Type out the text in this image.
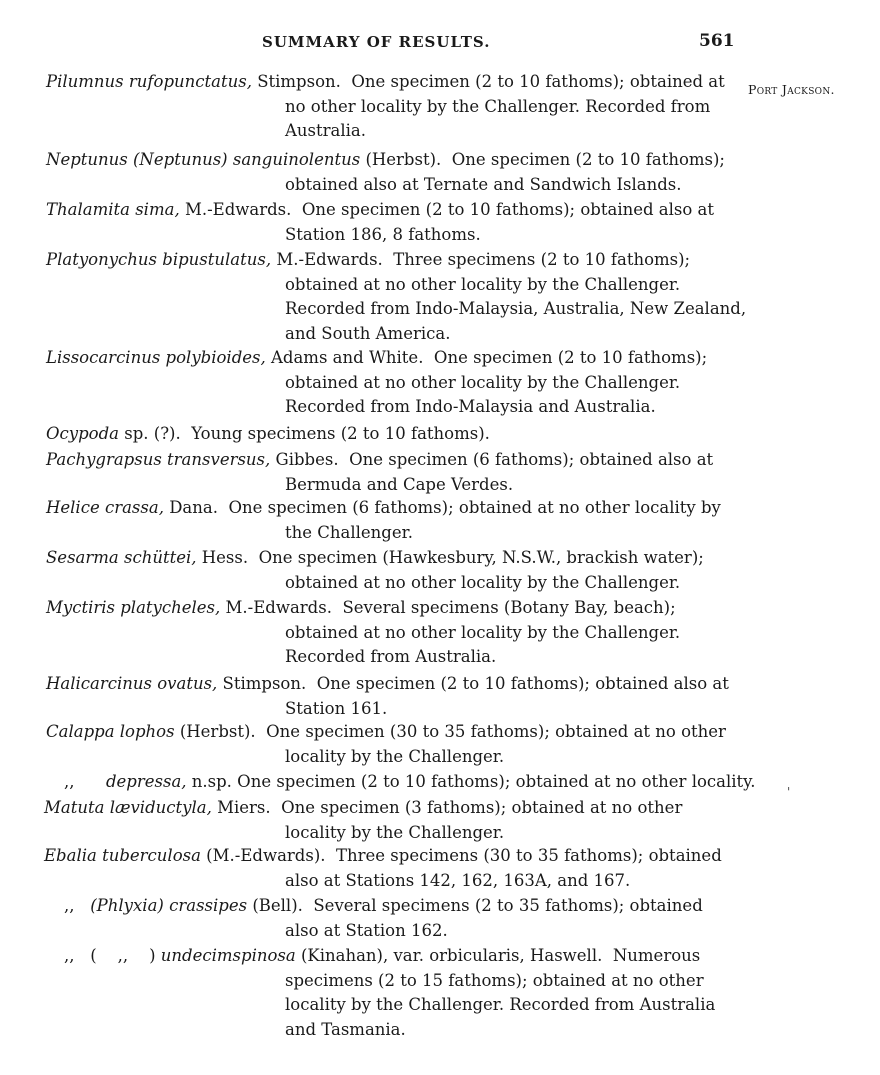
SUMMARY OF RESULTS.	561
Port Jackson.
'
Pilumnus rufopunctatus, Stimpson.  One specimen (2 to 10 fathoms); obtained at
no other locality by the Challenger. Recorded from
Australia.
Neptunus (Neptunus) sanguinolentus (Herbst).  One specimen (2 to 10 fathoms);
obtained also at Ternate and Sandwich Islands.
Thalamita sima, M.-Edwards.  One specimen (2 to 10 fathoms); obtained also at
Station 186, 8 fathoms.
Platyonychus bipustulatus, M.-Edwards.  Three specimens (2 to 10 fathoms);
obtained at no other locality by the Challenger.
Recorded from Indo-Malaysia, Australia, New Zealand,
and South America.
Lissocarcinus polybioides, Adams and White.  One specimen (2 to 10 fathoms);
obtained at no other locality by the Challenger.
Recorded from Indo-Malaysia and Australia.
Ocypoda sp. (?).  Young specimens (2 to 10 fathoms).
Pachygrapsus transversus, Gibbes.  One specimen (6 fathoms); obtained also at
Bermuda and Cape Verdes.
Helice crassa, Dana.  One specimen (6 fathoms); obtained at no other locality by
the Challenger.
Sesarma schüttei, Hess.  One specimen (Hawkesbury, N.S.W., brackish water);
obtained at no other locality by the Challenger.
Myctiris platycheles, M.-Edwards.  Several specimens (Botany Bay, beach);
obtained at no other locality by the Challenger.
Recorded from Australia.
Halicarcinus ovatus, Stimpson.  One specimen (2 to 10 fathoms); obtained also at
Station 161.
Calappa lophos (Herbst).  One specimen (30 to 35 fathoms); obtained at no other
locality by the Challenger.
,,      depressa, n.sp. One specimen (2 to 10 fathoms); obtained at no other locality.
Matuta læviductyla, Miers.  One specimen (3 fathoms); obtained at no other
locality by the Challenger.
Ebalia tuberculosa (M.-Edwards).  Three specimens (30 to 35 fathoms); obtained
also at Stations 142, 162, 163A, and 167.
,,   (Phlyxia) crassipes (Bell).  Several specimens (2 to 35 fathoms); obtained
also at Station 162.
,,   (    ,,    ) undecimspinosa (Kinahan), var. orbicularis, Haswell.  Numerous
specimens (2 to 15 fathoms); obtained at no other
locality by the Challenger. Recorded from Australia
and Tasmania.
